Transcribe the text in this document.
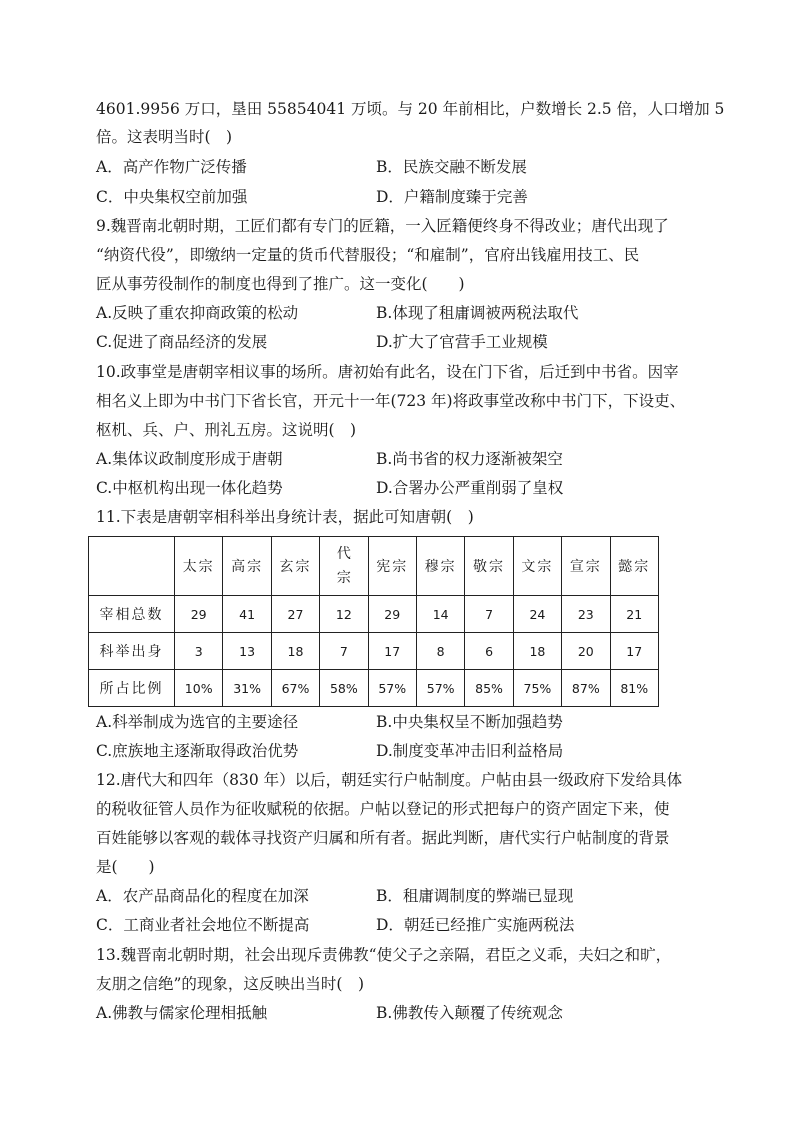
4601.9956 万口，垦田 55854041 万顷。与 20 年前相比，户数增长 2.5 倍，人口增加 5
倍。这表明当时(　)
A．高产作物广泛传播	B．民族交融不断发展
C．中央集权空前加强	D．户籍制度臻于完善
9.魏晋南北朝时期，工匠们都有专门的匠籍，一入匠籍便终身不得改业；唐代出现了
“纳资代役”，即缴纳一定量的货币代替服役；“和雇制”，官府出钱雇用技工、民
匠从事劳役制作的制度也得到了推广。这一变化(　　)
A.反映了重农抑商政策的松动	B.体现了租庸调被两税法取代
C.促进了商品经济的发展	D.扩大了官营手工业规模
10.政事堂是唐朝宰相议事的场所。唐初始有此名，设在门下省，后迁到中书省。因宰
相名义上即为中书门下省长官，开元十一年(723 年)将政事堂改称中书门下，下设吏、
枢机、兵、户、刑礼五房。这说明(　)
A.集体议政制度形成于唐朝	B.尚书省的权力逐渐被架空
C.中枢机构出现一体化趋势	D.合署办公严重削弱了皇权
11.下表是唐朝宰相科举出身统计表，据此可知唐朝(　)
	太宗	高宗	玄宗	代宗	宪宗	穆宗	敬宗	文宗	宣宗	懿宗
宰相总数	29	41	27	12	29	14	7	24	23	21
科举出身	3	13	18	7	17	8	6	18	20	17
所占比例	10%	31%	67%	58%	57%	57%	85%	75%	87%	81%
A.科举制成为选官的主要途径	B.中央集权呈不断加强趋势
C.庶族地主逐渐取得政治优势	D.制度变革冲击旧利益格局
12.唐代大和四年（830 年）以后，朝廷实行户帖制度。户帖由县一级政府下发给具体
的税收征管人员作为征收赋税的依据。户帖以登记的形式把每户的资产固定下来，使
百姓能够以客观的载体寻找资产归属和所有者。据此判断，唐代实行户帖制度的背景
是(　　)
A．农产品商品化的程度在加深	B．租庸调制度的弊端已显现
C．工商业者社会地位不断提高	D．朝廷已经推广实施两税法
13.魏晋南北朝时期，社会出现斥责佛教“使父子之亲隔，君臣之义乖，夫妇之和旷，
友朋之信绝”的现象，这反映出当时(　)
A.佛教与儒家伦理相抵触	B.佛教传入颠覆了传统观念
